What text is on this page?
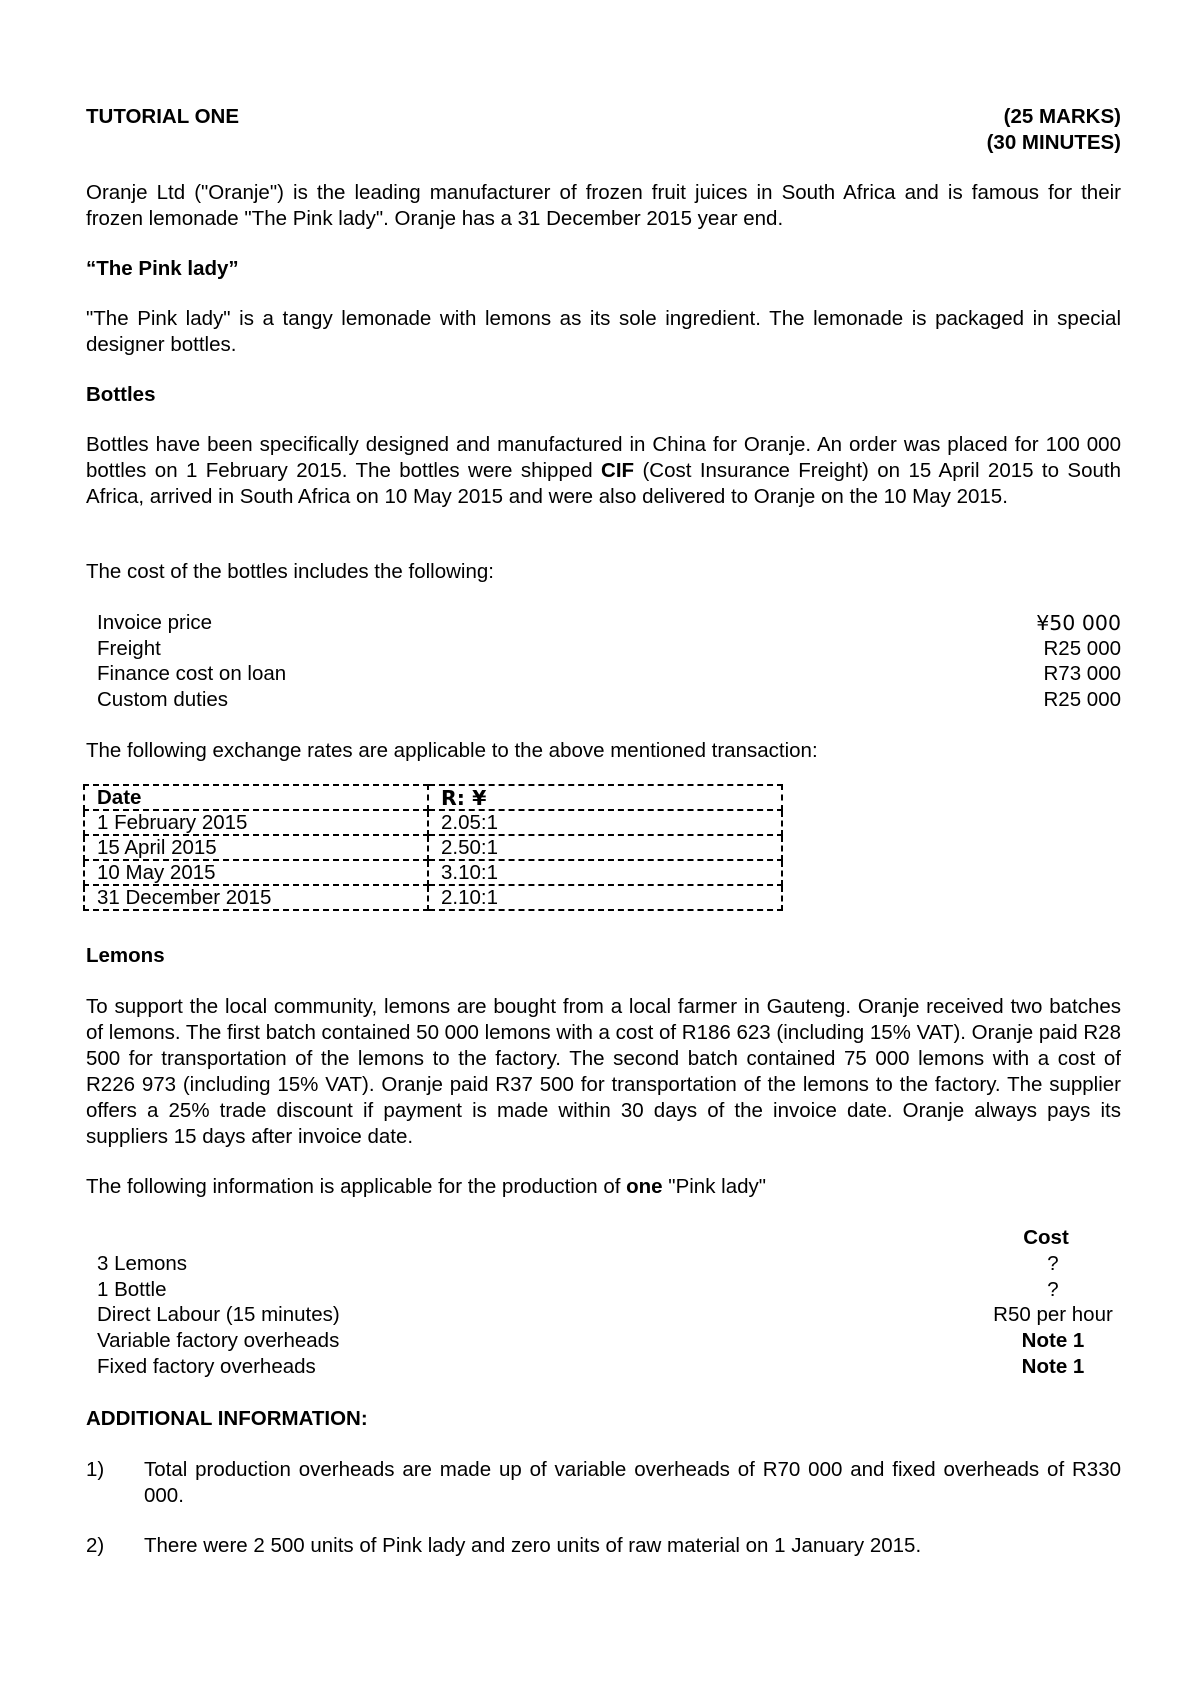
TUTORIAL ONE	(25 MARKS)
(30 MINUTES)
Oranje Ltd ("Oranje") is the leading manufacturer of frozen fruit juices in South Africa and is famous for their frozen lemonade "The Pink lady". Oranje has a 31 December 2015 year end.
“The Pink lady”
"The Pink lady" is a tangy lemonade with lemons as its sole ingredient. The lemonade is packaged in special designer bottles.
Bottles
Bottles have been specifically designed and manufactured in China for Oranje. An order was placed for 100 000 bottles on 1 February 2015. The bottles were shipped CIF (Cost Insurance Freight) on 15 April 2015 to South Africa, arrived in South Africa on 10 May 2015 and were also delivered to Oranje on the 10 May 2015.
The cost of the bottles includes the following:
Invoice price	¥50 000
Freight	R25 000
Finance cost on loan	R73 000
Custom duties	R25 000
The following exchange rates are applicable to the above mentioned transaction:
Date	R: ¥
1 February 2015	2.05:1
15 April 2015	2.50:1
10 May 2015	3.10:1
31 December 2015	2.10:1
Lemons
To support the local community, lemons are bought from a local farmer in Gauteng. Oranje received two batches of lemons. The first batch contained 50 000 lemons with a cost of R186 623 (including 15% VAT). Oranje paid R28 500 for transportation of the lemons to the factory. The second batch contained 75 000 lemons with a cost of R226 973 (including 15% VAT). Oranje paid R37 500 for transportation of the lemons to the factory. The supplier offers a 25% trade discount if payment is made within 30 days of the invoice date. Oranje always pays its suppliers 15 days after invoice date.
The following information is applicable for the production of one "Pink lady"
Cost
3 Lemons	?
1 Bottle	?
Direct Labour (15 minutes)	R50 per hour
Variable factory overheads	Note 1
Fixed factory overheads	Note 1
ADDITIONAL INFORMATION:
1) Total production overheads are made up of variable overheads of R70 000 and fixed overheads of R330 000.
2) There were 2 500 units of Pink lady and zero units of raw material on 1 January 2015.
